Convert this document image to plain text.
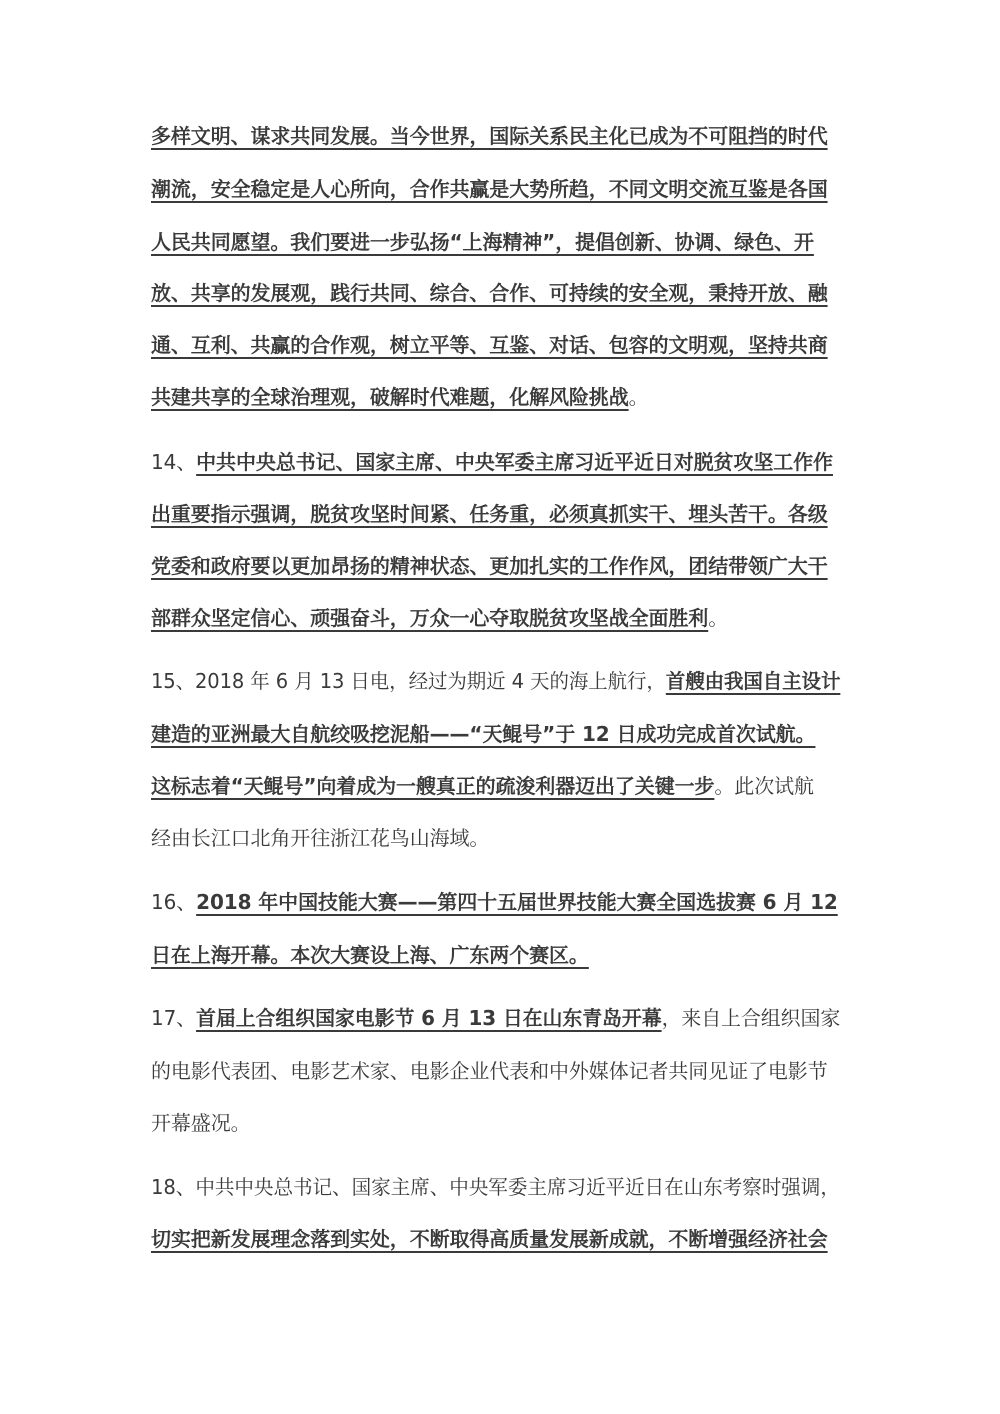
多样文明、谋求共同发展。当今世界，国际关系民主化已成为不可阻挡的时代
潮流，安全稳定是人心所向，合作共赢是大势所趋，不同文明交流互鉴是各国
人民共同愿望。我们要进一步弘扬“上海精神”，提倡创新、协调、绿色、开
放、共享的发展观，践行共同、综合、合作、可持续的安全观，秉持开放、融
通、互利、共赢的合作观，树立平等、互鉴、对话、包容的文明观，坚持共商
共建共享的全球治理观，破解时代难题，化解风险挑战。
14、中共中央总书记、国家主席、中央军委主席习近平近日对脱贫攻坚工作作
出重要指示强调，脱贫攻坚时间紧、任务重，必须真抓实干、埋头苦干。各级
党委和政府要以更加昂扬的精神状态、更加扎实的工作作风，团结带领广大干
部群众坚定信心、顽强奋斗，万众一心夺取脱贫攻坚战全面胜利。
15、2018 年 6 月 13 日电，经过为期近 4 天的海上航行，首艘由我国自主设计
建造的亚洲最大自航绞吸挖泥船——“天鲲号”于 12 日成功完成首次试航。
这标志着“天鲲号”向着成为一艘真正的疏浚利器迈出了关键一步。此次试航
经由长江口北角开往浙江花鸟山海域。
16、2018 年中国技能大赛——第四十五届世界技能大赛全国选拔赛 6 月 12
日在上海开幕。本次大赛设上海、广东两个赛区。
17、首届上合组织国家电影节 6 月 13 日在山东青岛开幕，来自上合组织国家
的电影代表团、电影艺术家、电影企业代表和中外媒体记者共同见证了电影节
开幕盛况。
18、中共中央总书记、国家主席、中央军委主席习近平近日在山东考察时强调，
切实把新发展理念落到实处，不断取得高质量发展新成就，不断增强经济社会
